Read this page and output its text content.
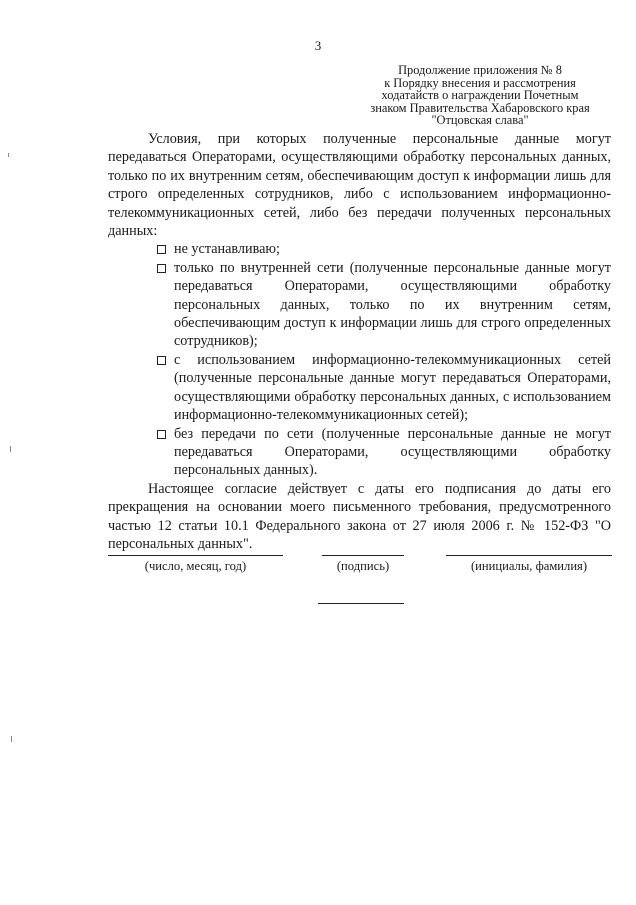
3
Продолжение приложения № 8
к Порядку внесения и рассмотрения
ходатайств о награждении Почетным
знаком Правительства Хабаровского края
"Отцовская слава"

Условия, при которых полученные персональные данные могут передаваться Операторами, осуществляющими обработку персональных данных, только по их внутренним сетям, обеспечивающим доступ к информации лишь для строго определенных сотрудников, либо с использованием информационно-телекоммуникационных сетей, либо без передачи полученных персональных данных:

не устанавливаю;
только по внутренней сети (полученные персональные данные могут передаваться Операторами, осуществляющими обработку персональных данных, только по их внутренним сетям, обеспечивающим доступ к информации лишь для строго определенных сотрудников);
с использованием информационно-телекоммуникационных сетей (полученные персональные данные могут передаваться Операторами, осуществляющими обработку персональных данных, с использованием информационно-телекоммуникационных сетей);
без передачи по сети (полученные персональные данные не могут передаваться Операторами, осуществляющими обработку персональных данных).

Настоящее согласие действует с даты его подписания до даты его прекращения на основании моего письменного требования, предусмотренного частью 12 статьи 10.1 Федерального закона от 27 июля 2006 г. № 152-ФЗ "О персональных данных".

(число, месяц, год)	(подпись)	(инициалы, фамилия)
